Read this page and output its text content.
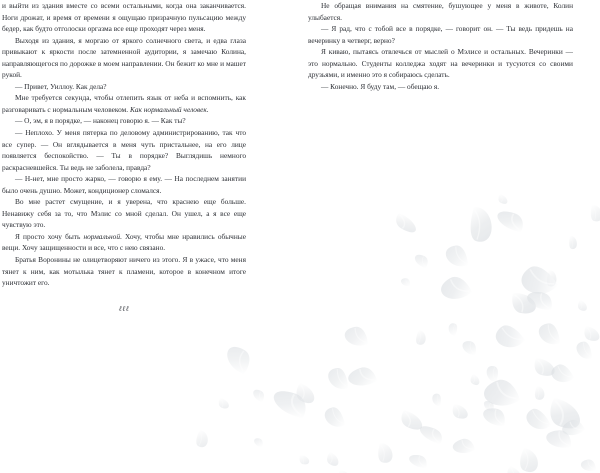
и выйти из здания вместе со всеми остальными, когда она заканчивается. Ноги дрожат, и время от времени я ощущаю призрачную пульсацию между бедер, как будто отголоски оргазма все еще проходят через меня.

Выходя из здания, я моргаю от яркого солнечного света, и едва глаза привыкают к яркости после затемненной аудитории, я замечаю Колина, направляющегося по дорожке в моем направлении. Он бежит ко мне и машет рукой.

— Привет, Уиллоу. Как дела?

Мне требуется секунда, чтобы отлепить язык от неба и вспомнить, как разговаривать с нормальным человеком. Как нормальный человек.

— О, эм, я в порядке, — наконец говорю я. — Как ты?

— Неплохо. У меня пятерка по деловому администрированию, так что все супер. — Он вглядывается в меня чуть пристальнее, на его лице появляется беспокойство. — Ты в порядке? Выглядишь немного раскрасневшейся. Ты ведь не заболела, правда?

— Н-нет, мне просто жарко, — говорю я ему. — На последнем занятии было очень душно. Может, кондиционер сломался.

Во мне растет смущение, и я уверена, что краснею еще больше. Ненавижу себя за то, что Мэлис со мной сделал. Он ушел, а я все еще чувствую это.

Я просто хочу быть нормальной. Хочу, чтобы мне нравились обычные вещи. Хочу защищенности и все, что с нею связано.

Братья Воронины не олицетворяют ничего из этого. Я в ужасе, что меня тянет к ним, как мотылька тянет к пламени, которое в конечном итоге уничтожит его.

ℓℓℓ

Не обращая внимания на смятение, бушующее у меня в животе, Колин улыбается.

— Я рад, что с тобой все в порядке, — говорит он. — Ты ведь придешь на вечеринку в четверг, верно?

Я киваю, пытаясь отвлечься от мыслей о Мэлисе и остальных. Вечеринки — это нормально. Студенты колледжа ходят на вечеринки и тусуются со своими друзьями, и именно это я собираюсь сделать.

— Конечно. Я буду там, — обещаю я.
